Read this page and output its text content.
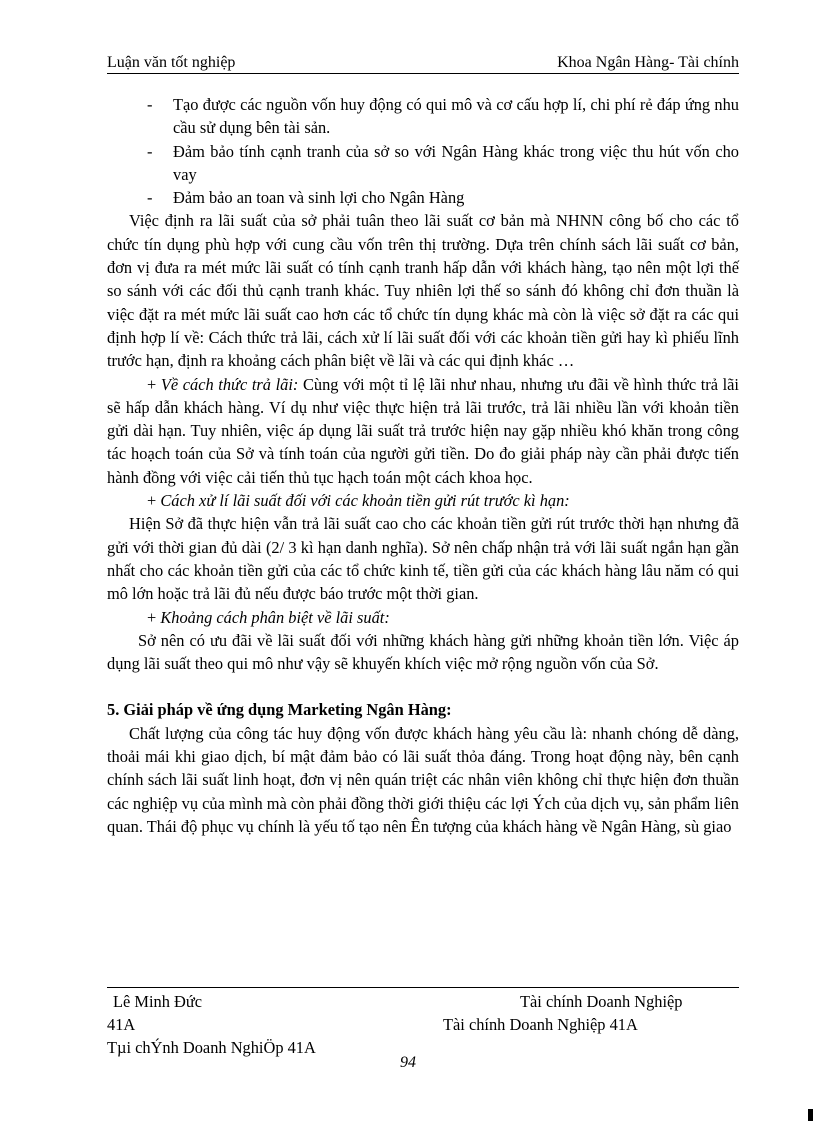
Luận văn tốt nghiệp	Khoa Ngân Hàng- Tài chính
- Tạo được các nguồn vốn huy động có qui mô và cơ cấu hợp lí, chi phí rẻ đáp ứng nhu cầu sử dụng bên tài sản.
- Đảm bảo tính cạnh tranh của sở so với Ngân Hàng khác trong việc thu hút vốn cho vay
- Đảm bảo an toan và sinh lợi cho Ngân Hàng

Việc định ra lãi suất của sở phải tuân theo lãi suất cơ bản mà NHNN công bố cho các tổ chức tín dụng phù hợp với cung cầu vốn trên thị trường. Dựa trên chính sách lãi suất cơ bản, đơn vị đưa ra mét mức lãi suất có tính cạnh tranh hấp dẫn với khách hàng, tạo nên một lợi thế so sánh với các đối thủ cạnh tranh khác. Tuy nhiên lợi thế so sánh đó không chỉ đơn thuần là việc đặt ra mét mức lãi suất cao hơn các tổ chức tín dụng khác mà còn là việc sở đặt ra các qui định hợp lí về: Cách thức trả lãi, cách xử lí lãi suất đối với các khoản tiền gửi hay kì phiếu lĩnh trước hạn, định ra khoảng cách phân biệt về lãi và các qui định khác …

+ Về cách thức trả lãi: Cùng với một tỉ lệ lãi như nhau, nhưng ưu đãi về hình thức trả lãi sẽ hấp dẫn khách hàng. Ví dụ như việc thực hiện trả lãi trước, trả lãi nhiều lần với khoản tiền gửi dài hạn. Tuy nhiên, việc áp dụng lãi suất trả trước hiện nay gặp nhiều khó khăn trong công tác hoạch toán của Sở và tính toán của người gửi tiền. Do đo giải pháp này cần phải được tiến hành đồng với việc cải tiến thủ tục hạch toán một cách khoa học.

+ Cách xử lí lãi suất đối với các khoản tiền gửi rút trước kì hạn:

Hiện Sở đã thực hiện vẫn trả lãi suất cao cho các khoản tiền gửi rút trước thời hạn nhưng đã gửi với thời gian đủ dài (2/ 3 kì hạn danh nghĩa). Sở nên chấp nhận trả với lãi suất ngắn hạn gần nhất cho các khoản tiền gửi của các tổ chức kinh tế, tiền gửi của các khách hàng lâu năm có qui mô lớn hoặc trả lãi đủ nếu được báo trước một thời gian.

+ Khoảng cách phân biệt về lãi suất:

Sở nên có ưu đãi về lãi suất đối với những khách hàng gửi những khoản tiền lớn. Việc áp dụng lãi suất theo qui mô như vậy sẽ khuyến khích việc mở rộng nguồn vốn của Sở.

5. Giải pháp về ứng dụng Marketing Ngân Hàng:

Chất lượng của công tác huy động vốn được khách hàng yêu cầu là: nhanh chóng dễ dàng, thoải mái khi giao dịch, bí mật đảm bảo có lãi suất thỏa đáng. Trong hoạt động này, bên cạnh chính sách lãi suất linh hoạt, đơn vị nên quán triệt các nhân viên không chỉ thực hiện đơn thuần các nghiệp vụ của mình mà còn phải đồng thời giới thiệu các lợi Ých của dịch vụ, sản phẩm liên quan. Thái độ phục vụ chính là yếu tố tạo nên Ên tượng của khách hàng về Ngân Hàng, sù giao

Lê Minh Đức	Tài chính Doanh Nghiệp
41A	Tài chính Doanh Nghiệp 41A
Tµi chÝnh Doanh NghiÖp 41A
94
